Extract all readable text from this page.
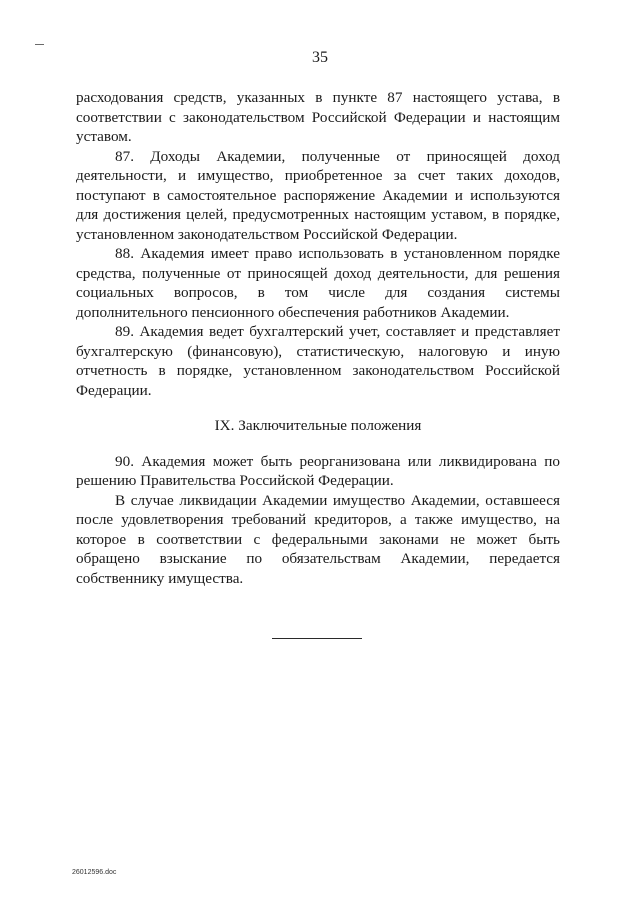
35

расходования средств, указанных в пункте 87 настоящего устава, в соответствии с законодательством Российской Федерации и настоящим уставом.

87. Доходы Академии, полученные от приносящей доход деятельности, и имущество, приобретенное за счет таких доходов, поступают в самостоятельное распоряжение Академии и используются для достижения целей, предусмотренных настоящим уставом, в порядке, установленном законодательством Российской Федерации.

88. Академия имеет право использовать в установленном порядке средства, полученные от приносящей доход деятельности, для решения социальных вопросов, в том числе для создания системы дополнительного пенсионного обеспечения работников Академии.

89. Академия ведет бухгалтерский учет, составляет и представляет бухгалтерскую (финансовую), статистическую, налоговую и иную отчетность в порядке, установленном законодательством Российской Федерации.

IX. Заключительные положения

90. Академия может быть реорганизована или ликвидирована по решению Правительства Российской Федерации.

В случае ликвидации Академии имущество Академии, оставшееся после удовлетворения требований кредиторов, а также имущество, на которое в соответствии с федеральными законами не может быть обращено взыскание по обязательствам Академии, передается собственнику имущества.

26012596.doc
